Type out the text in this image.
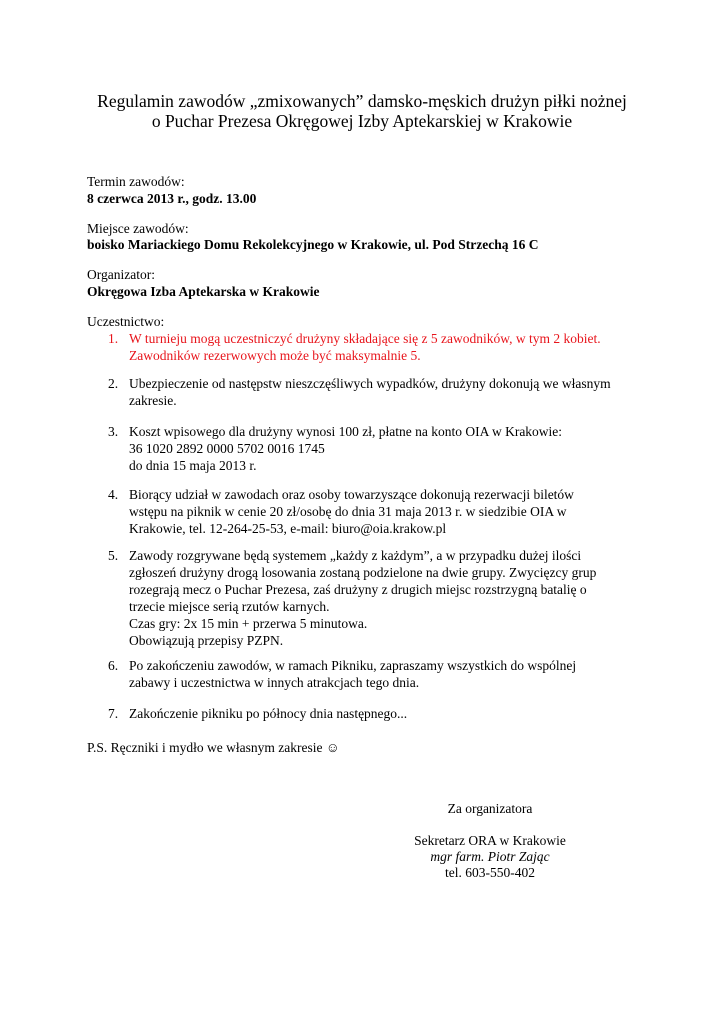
Regulamin zawodów „zmixowanych” damsko-męskich drużyn piłki nożnej
o Puchar Prezesa Okręgowej Izby Aptekarskiej w Krakowie
Termin zawodów:
8 czerwca 2013 r., godz. 13.00
Miejsce zawodów:
boisko Mariackiego Domu Rekolekcyjnego w Krakowie, ul. Pod Strzechą 16 C
Organizator:
Okręgowa Izba Aptekarska w Krakowie
Uczestnictwo:
1. W turnieju mogą uczestniczyć drużyny składające się z 5 zawodników, w tym 2 kobiet.
Zawodników rezerwowych może być maksymalnie 5.
2. Ubezpieczenie od następstw nieszczęśliwych wypadków, drużyny dokonują we własnym
zakresie.
3. Koszt wpisowego dla drużyny wynosi 100 zł, płatne na konto OIA w Krakowie:
36 1020 2892 0000 5702 0016 1745
do dnia 15 maja 2013 r.
4. Biorący udział w zawodach oraz osoby towarzyszące dokonują rezerwacji biletów
wstępu na piknik w cenie 20 zł/osobę do dnia 31 maja 2013 r. w siedzibie OIA w
Krakowie, tel. 12-264-25-53, e-mail: biuro@oia.krakow.pl
5. Zawody rozgrywane będą systemem „każdy z każdym”, a w przypadku dużej ilości
zgłoszeń drużyny drogą losowania zostaną podzielone na dwie grupy. Zwycięzcy grup
rozegrają mecz o Puchar Prezesa, zaś drużyny z drugich miejsc rozstrzygną batalię o
trzecie miejsce serią rzutów karnych.
Czas gry: 2x 15 min + przerwa 5 minutowa.
Obowiązują przepisy PZPN.
6. Po zakończeniu zawodów, w ramach Pikniku, zapraszamy wszystkich do wspólnej
zabawy i uczestnictwa w innych atrakcjach tego dnia.
7. Zakończenie pikniku po północy dnia następnego...
P.S. Ręczniki i mydło we własnym zakresie ☺
Za organizatora
Sekretarz ORA w Krakowie
mgr farm. Piotr Zając
tel. 603-550-402
